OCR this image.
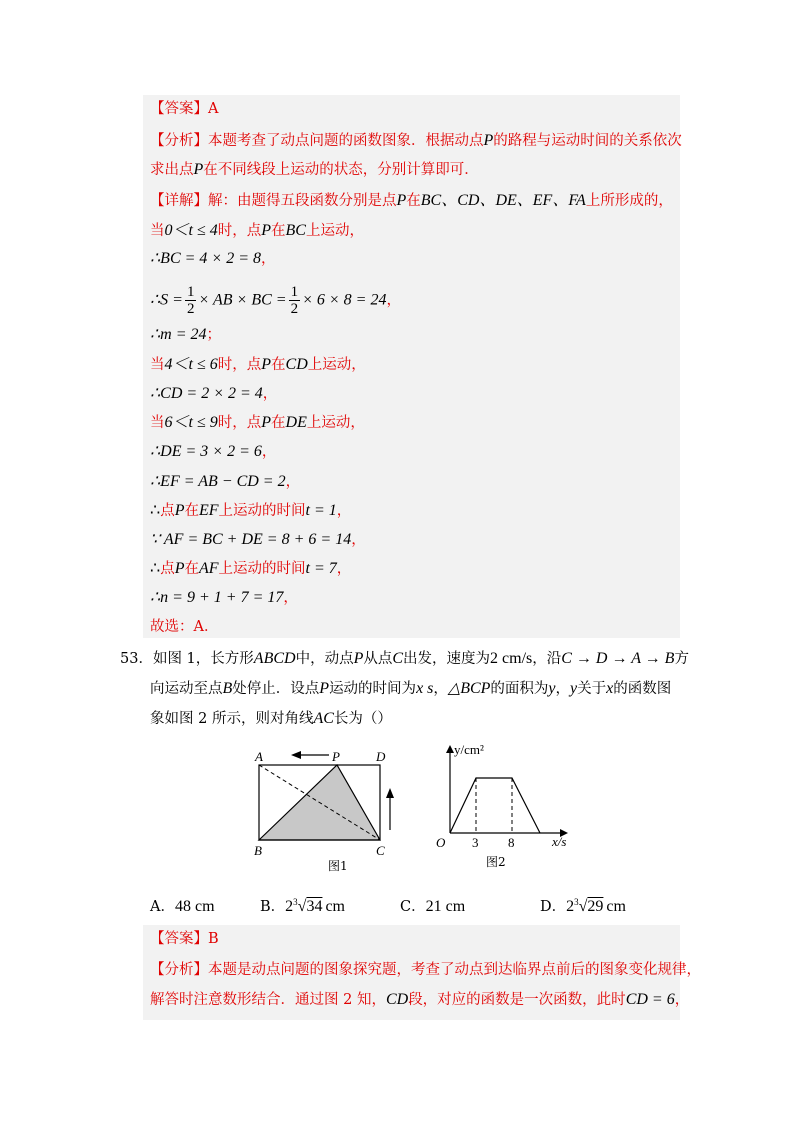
【答案】A
【分析】本题考查了动点问题的函数图象．根据动点P的路程与运动时间的关系依次
求出点P在不同线段上运动的状态，分别计算即可．
【详解】解：由题得五段函数分别是点P在BC、CD、DE、EF、FA上所形成的，
当0＜t ≤ 4时，点P在BC上运动，
∴BC = 4 × 2 = 8，
∴S = $\frac{1}{2}$ × AB × BC = $\frac{1}{2} \times 6 \times 8 = 24$，
∴m = 24；
当4＜t ≤ 6时，点P在CD上运动，
∴CD = 2 × 2 = 4，
当6＜t ≤ 9时，点P在DE上运动，
∴DE = 3 × 2 = 6，
∴EF = AB − CD = 2，
∴点P在EF上运动的时间t = 1，
∵ AF = BC + DE = 8 + 6 = 14，
∴点P在AF上运动的时间t = 7，
∴n = 9 + 1 + 7 = 17，
故选：A．
53．如图 1，长方形ABCD中，动点P从点C出发，速度为2 cm/s，沿C → D → A → B方
向运动至点B处停止．设点P运动的时间为x s，△BCP的面积为y，y关于x的函数图
象如图 2 所示，则对角线AC长为（）
A	P	D
B	C
图1
y/cm²
x/s
O 3 8
图2
A．48 cm	B．$2^3√34$ cm	C．21 cm	D．$2^3√29$ cm
【答案】B
【分析】本题是动点问题的图象探究题，考查了动点到达临界点前后的图象变化规律，
解答时注意数形结合．通过图 2 知，CD段，对应的函数是一次函数，此时CD = 6，
